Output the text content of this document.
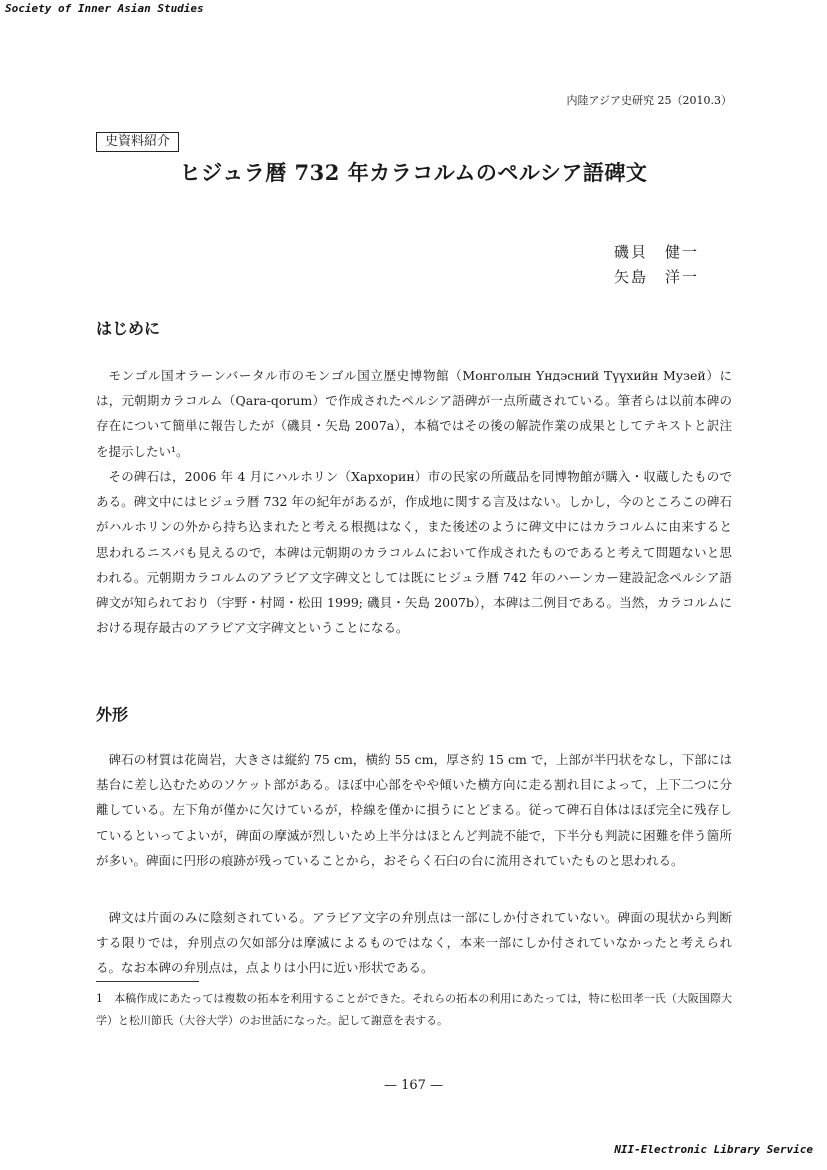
Society of Inner Asian Studies
内陸アジア史研究 25（2010.3）
史資料紹介
ヒジュラ暦 732 年カラコルムのペルシア語碑文
磯貝　健一
矢島　洋一
はじめに

モンゴル国オラーンバータル市のモンゴル国立歴史博物館（Монголын Үндэсний Түүхийн Музей）には，元朝期カラコルム（Qara-qorum）で作成されたペルシア語碑が一点所蔵されている。筆者らは以前本碑の存在について簡単に報告したが（磯貝・矢島 2007a），本稿ではその後の解読作業の成果としてテキストと訳注を提示したい¹。

その碑石は，2006 年 4 月にハルホリン（Хархорин）市の民家の所蔵品を同博物館が購入・収蔵したものである。碑文中にはヒジュラ暦 732 年の紀年があるが，作成地に関する言及はない。しかし，今のところこの碑石がハルホリンの外から持ち込まれたと考える根拠はなく，また後述のように碑文中にはカラコルムに由来すると思われるニスバも見えるので，本碑は元朝期のカラコルムにおいて作成されたものであると考えて問題ないと思われる。元朝期カラコルムのアラビア文字碑文としては既にヒジュラ暦 742 年のハーンカー建設記念ペルシア語碑文が知られており（宇野・村岡・松田 1999; 磯貝・矢島 2007b），本碑は二例目である。当然，カラコルムにおける現存最古のアラビア文字碑文ということになる。

外形

碑石の材質は花崗岩，大きさは縦約 75 cm，横約 55 cm，厚さ約 15 cm で，上部が半円状をなし，下部には基台に差し込むためのソケット部がある。ほぼ中心部をやや傾いた横方向に走る割れ目によって，上下二つに分離している。左下角が僅かに欠けているが，枠線を僅かに損うにとどまる。従って碑石自体はほぼ完全に残存しているといってよいが，碑面の摩滅が烈しいため上半分はほとんど判読不能で，下半分も判読に困難を伴う箇所が多い。碑面に円形の痕跡が残っていることから，おそらく石臼の台に流用されていたものと思われる。

碑文は片面のみに陰刻されている。アラビア文字の弁別点は一部にしか付されていない。碑面の現状から判断する限りでは，弁別点の欠如部分は摩滅によるものではなく，本来一部にしか付されていなかったと考えられる。なお本碑の弁別点は，点よりは小円に近い形状である。

1　本稿作成にあたっては複数の拓本を利用することができた。それらの拓本の利用にあたっては，特に松田孝一氏（大阪国際大学）と松川節氏（大谷大学）のお世話になった。記して謝意を表する。

— 167 —
NII-Electronic Library Service
